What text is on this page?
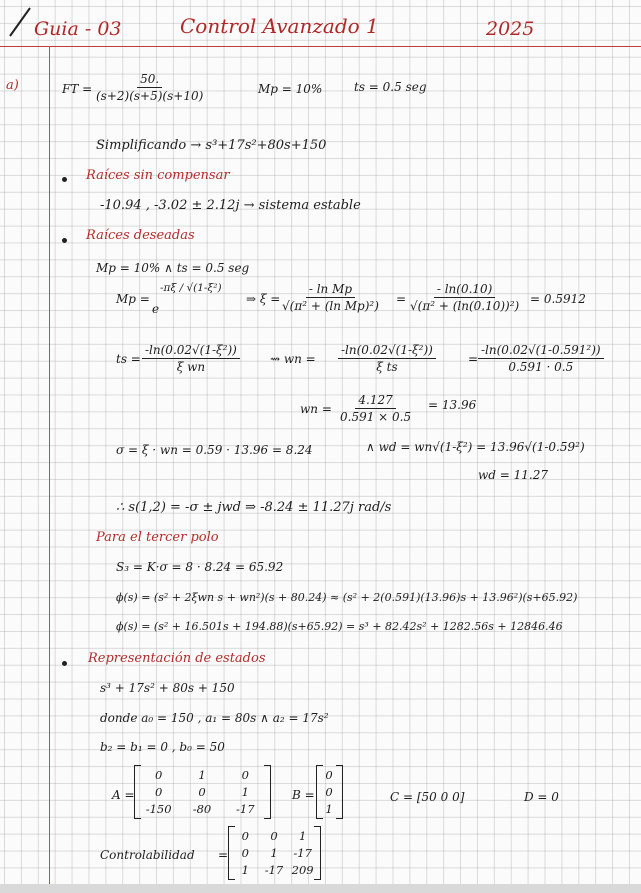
Guia - 03	Control Avanzado 1	2025
a)	FT = $\frac{50.}{(s+2)(s+5)(s+10)}$	Mp = 10%	ts = 0.5 seg
Simplificando → s³+17s²+80s+150
Raíces sin compensar
-10.94 , -3.02 ± 2.12j → sistema estable
Raíces deseadas
Mp = 10% ∧ ts = 0.5 seg
Mp =
e
-πξ / √(1-ξ²)
⇒ $\xi = \frac{\text{- ln Mp}}{\text{√(π² + (ln Mp)²)}} = \frac{- \ln(0.10)}{\text{√(π² + (ln(0.10))²)}} = 0.5912$
ts = $\frac{\text{-ln(0.02√(1-ξ²))}}{\text{ξ wn}}$	⇝ wn = $\frac{\text{-ln(0.02√(1-ξ²))}}{\text{ξ ts}}$	= $\frac{\text{-ln(0.02√(1-0.591²))}}{0.591 \cdot 0.5}$
wn = $\frac{4.127}{0.591 \times 0.5} = 13.96$
σ = ξ · wn = 0.59 · 13.96 = 8.24	∧ wd = wn√(1-ξ²) = 13.96√(1-0.59²)
wd = 11.27
∴ s(1,2) = -σ ± jwd ⇒ -8.24 ± 11.27j rad/s
Para el tercer polo
S₃ = K·σ = 8 · 8.24 = 65.92
ϕ(s) = (s² + 2ξwn s + wn²)(s + 80.24) ≈ (s² + 2(0.591)(13.96)s + 13.96²)(s+65.92)
ϕ(s) = (s² + 16.501s + 194.88)(s+65.92) = s³ + 82.42s² + 1282.56s + 12846.46
Representación de estados
s³ + 17s² + 80s + 150
donde a₀ = 150 , a₁ = 80s ∧ a₂ = 17s²
b₂ = b₁ = 0 , b₀ = 50
A =
0	1	0
0	0	1
-150	-80	-17
B =
0
0
1
C = [50 0 0]	D = 0
Controlabilidad =
0	0	1
0	1	-17
1	-17 209
